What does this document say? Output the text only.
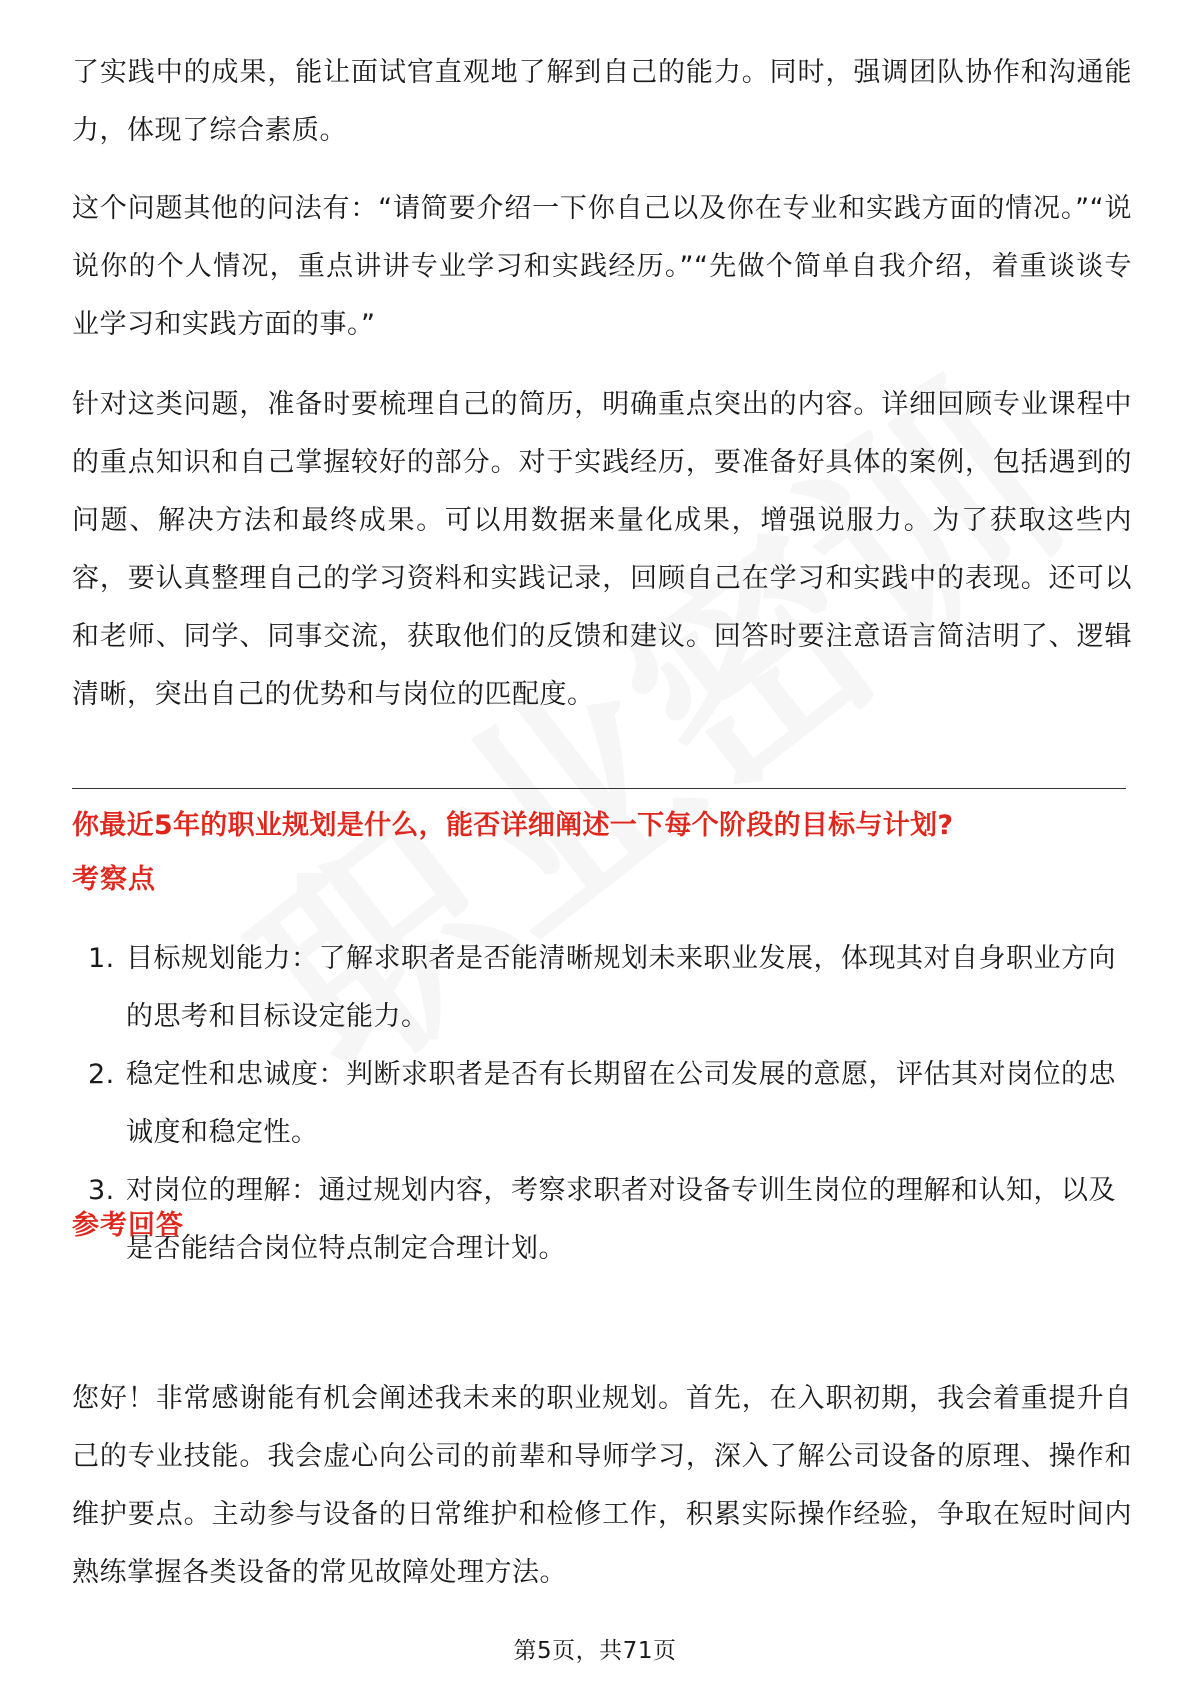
了实践中的成果，能让面试官直观地了解到自己的能力。同时，强调团队协作和沟通能力，体现了综合素质。

这个问题其他的问法有：“请简要介绍一下你自己以及你在专业和实践方面的情况。”“说说你的个人情况，重点讲讲专业学习和实践经历。”“先做个简单自我介绍，着重谈谈专业学习和实践方面的事。”

针对这类问题，准备时要梳理自己的简历，明确重点突出的内容。详细回顾专业课程中的重点知识和自己掌握较好的部分。对于实践经历，要准备好具体的案例，包括遇到的问题、解决方法和最终成果。可以用数据来量化成果，增强说服力。为了获取这些内容，要认真整理自己的学习资料和实践记录，回顾自己在学习和实践中的表现。还可以和老师、同学、同事交流，获取他们的反馈和建议。回答时要注意语言简洁明了、逻辑清晰，突出自己的优势和与岗位的匹配度。

你最近5年的职业规划是什么，能否详细阐述一下每个阶段的目标与计划?
考察点
1. 目标规划能力：了解求职者是否能清晰规划未来职业发展，体现其对自身职业方向的思考和目标设定能力。
2. 稳定性和忠诚度：判断求职者是否有长期留在公司发展的意愿，评估其对岗位的忠诚度和稳定性。
3. 对岗位的理解：通过规划内容，考察求职者对设备专训生岗位的理解和认知，以及是否能结合岗位特点制定合理计划。
参考回答

您好！非常感谢能有机会阐述我未来的职业规划。首先，在入职初期，我会着重提升自己的专业技能。我会虚心向公司的前辈和导师学习，深入了解公司设备的原理、操作和维护要点。主动参与设备的日常维护和检修工作，积累实际操作经验，争取在短时间内熟练掌握各类设备的常见故障处理方法。

第5页，共71页
